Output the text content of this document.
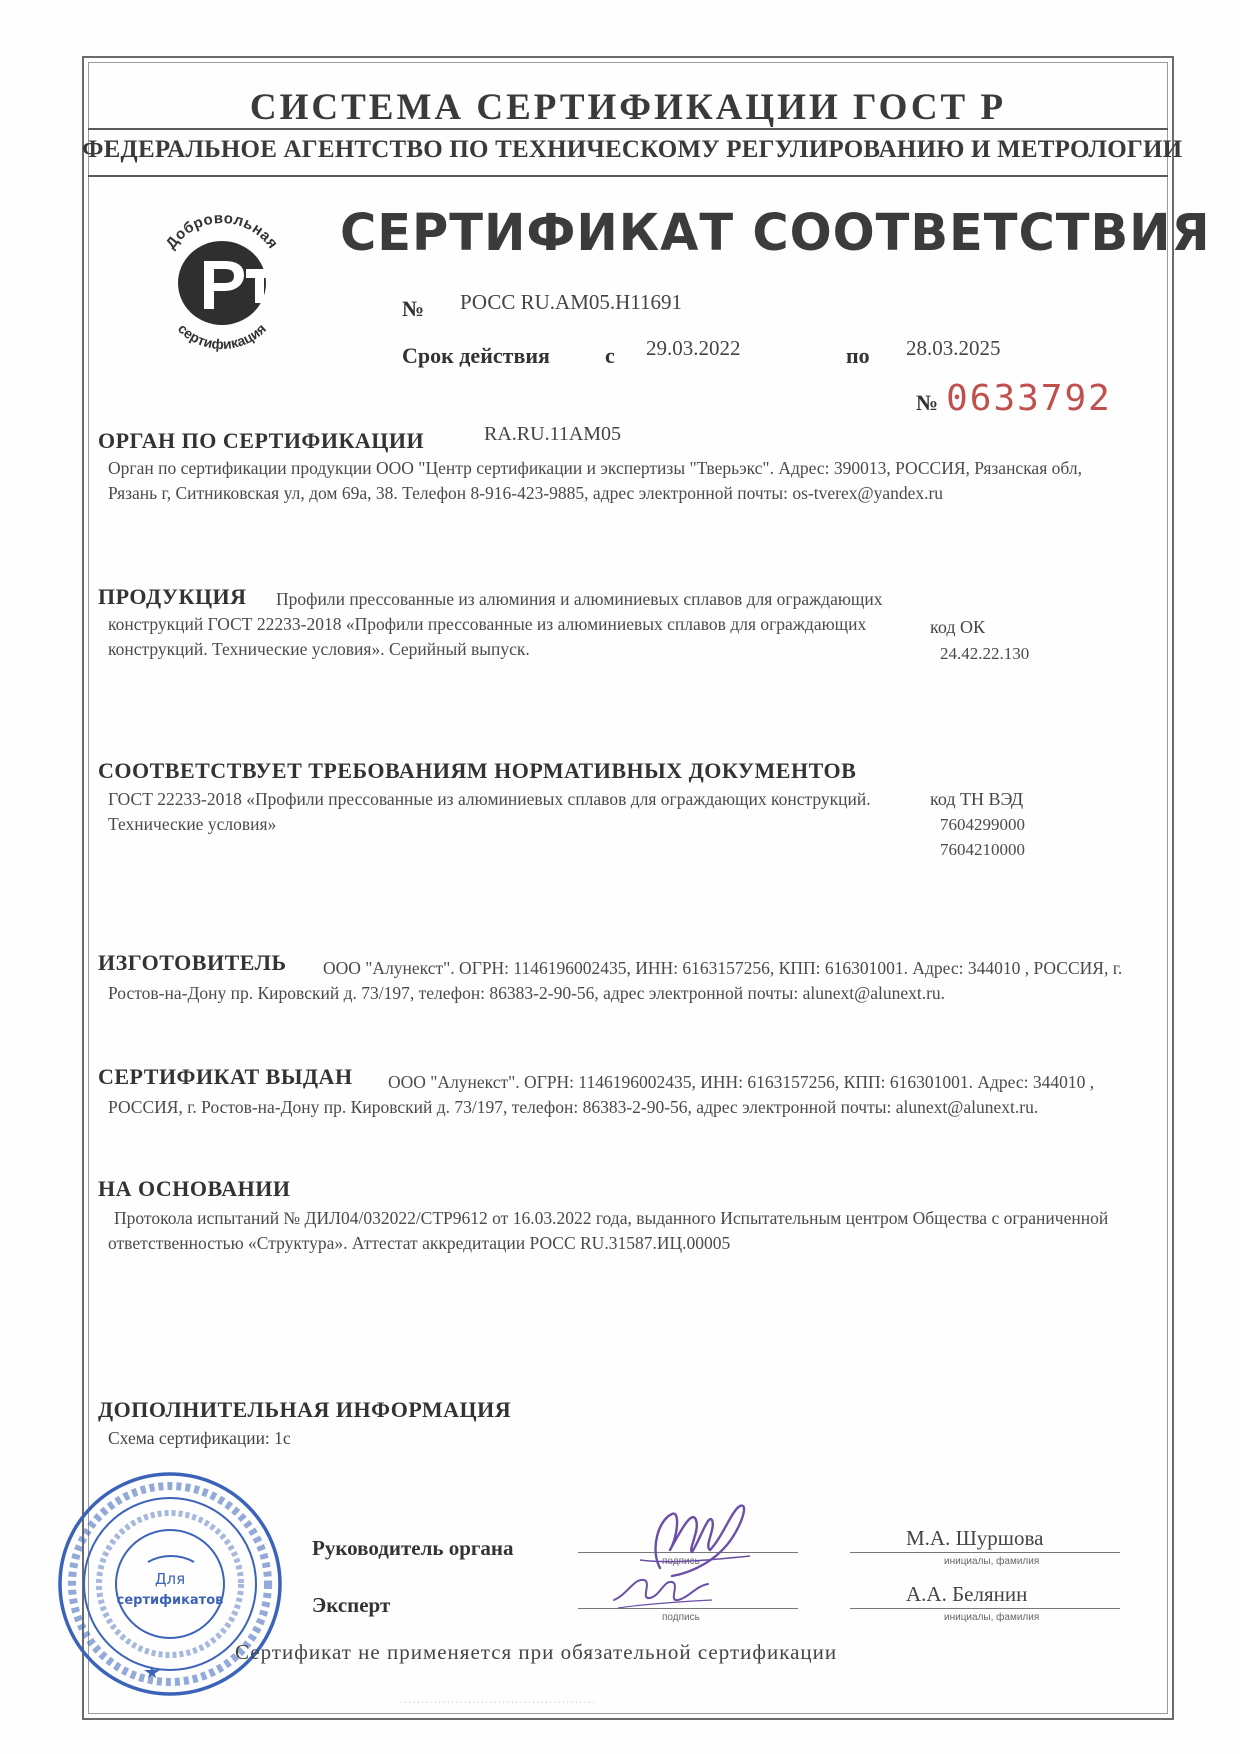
СИСТЕМА СЕРТИФИКАЦИИ ГОСТ Р
ФЕДЕРАЛЬНОЕ АГЕНТСТВО ПО ТЕХНИЧЕСКОМУ РЕГУЛИРОВАНИЮ И МЕТРОЛОГИИ
Добровольная
сертификация
СЕРТИФИКАТ СООТВЕТСТВИЯ
№ РОСС RU.АМ05.Н11691
Срок действия	с 29.03.2022	по 28.03.2025
№ 0633792
ОРГАН ПО СЕРТИФИКАЦИИ	RA.RU.11АМ05
Орган по сертификации продукции ООО "Центр сертификации и экспертизы "Тверьэкс". Адрес: 390013, РОССИЯ, Рязанская обл, Рязань г, Ситниковская ул, дом 69а, 38. Телефон 8-916-423-9885, адрес электронной почты: os-tverex@yandex.ru
ПРОДУКЦИЯ	Профили прессованные из алюминия и алюминиевых сплавов для ограждающих конструкций ГОСТ 22233-2018 «Профили прессованные из алюминиевых сплавов для ограждающих конструкций. Технические условия». Серийный выпуск.
код ОК
24.42.22.130
СООТВЕТСТВУЕТ ТРЕБОВАНИЯМ НОРМАТИВНЫХ ДОКУМЕНТОВ
ГОСТ 22233-2018 «Профили прессованные из алюминиевых сплавов для ограждающих конструкций. Технические условия»
код ТН ВЭД
7604299000
7604210000
ИЗГОТОВИТЕЛЬ	ООО "Алунекст". ОГРН: 1146196002435, ИНН: 6163157256, КПП: 616301001. Адрес: 344010 , РОССИЯ, г. Ростов-на-Дону пр. Кировский д. 73/197, телефон: 86383-2-90-56, адрес электронной почты: alunext@alunext.ru.
СЕРТИФИКАТ ВЫДАН	ООО "Алунекст". ОГРН: 1146196002435, ИНН: 6163157256, КПП: 616301001. Адрес: 344010 , РОССИЯ, г. Ростов-на-Дону пр. Кировский д. 73/197, телефон: 86383-2-90-56, адрес электронной почты: alunext@alunext.ru.
НА ОСНОВАНИИ
Протокола испытаний № ДИЛ04/032022/СТР9612 от 16.03.2022 года, выданного Испытательным центром Общества с ограниченной ответственностью «Структура». Аттестат аккредитации РОСС RU.31587.ИЦ.00005
ДОПОЛНИТЕЛЬНАЯ ИНФОРМАЦИЯ
Схема сертификации: 1с
Руководитель органа
подпись
М.А. Шуршова
инициалы, фамилия
Эксперт
подпись
А.А. Белянин
инициалы, фамилия
Для
сертификатов
Сертификат не применяется при обязательной сертификации
· · · · · · · · · · · · · · · · · · · · · · · · · · · · · · · · · · · · · · · · · · · · · ·
